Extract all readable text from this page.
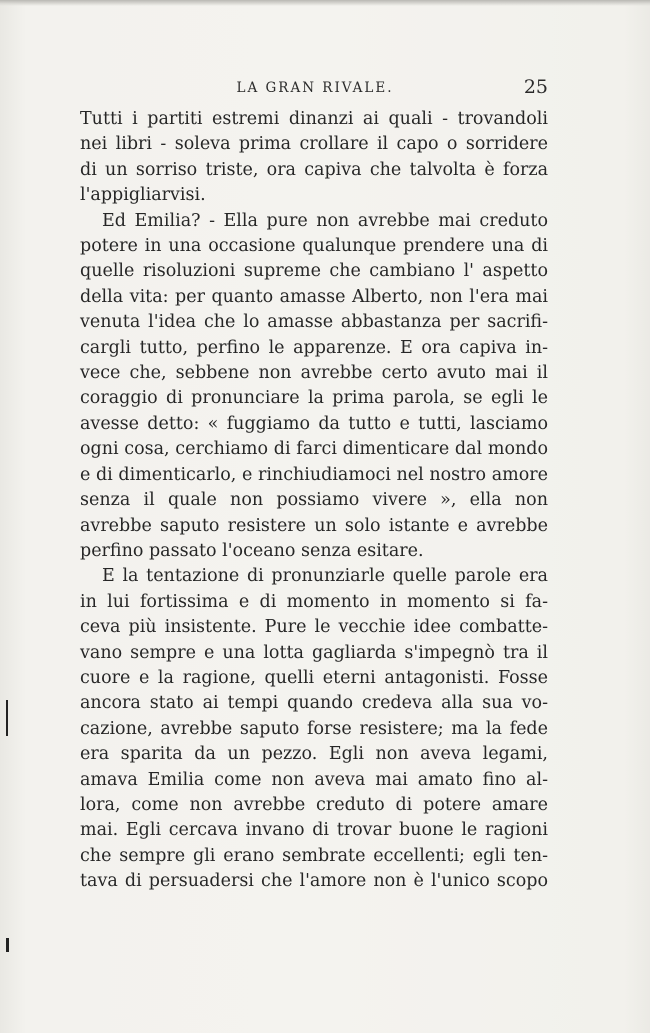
LA GRAN RIVALE.	25
Tutti i partiti estremi dinanzi ai quali - trovandoli
nei libri - soleva prima crollare il capo o sorridere
di un sorriso triste, ora capiva che talvolta è forza
l'appigliarvisi.
Ed Emilia? - Ella pure non avrebbe mai creduto
potere in una occasione qualunque prendere una di
quelle risoluzioni supreme che cambiano l' aspetto
della vita: per quanto amasse Alberto, non l'era mai
venuta l'idea che lo amasse abbastanza per sacrifi-
cargli tutto, perfino le apparenze. E ora capiva in-
vece che, sebbene non avrebbe certo avuto mai il
coraggio di pronunciare la prima parola, se egli le
avesse detto: « fuggiamo da tutto e tutti, lasciamo
ogni cosa, cerchiamo di farci dimenticare dal mondo
e di dimenticarlo, e rinchiudiamoci nel nostro amore
senza il quale non possiamo vivere », ella non
avrebbe saputo resistere un solo istante e avrebbe
perfino passato l'oceano senza esitare.
E la tentazione di pronunziarle quelle parole era
in lui fortissima e di momento in momento si fa-
ceva più insistente. Pure le vecchie idee combatte-
vano sempre e una lotta gagliarda s'impegnò tra il
cuore e la ragione, quelli eterni antagonisti. Fosse
ancora stato ai tempi quando credeva alla sua vo-
cazione, avrebbe saputo forse resistere; ma la fede
era sparita da un pezzo. Egli non aveva legami,
amava Emilia come non aveva mai amato fino al-
lora, come non avrebbe creduto di potere amare
mai. Egli cercava invano di trovar buone le ragioni
che sempre gli erano sembrate eccellenti; egli ten-
tava di persuadersi che l'amore non è l'unico scopo
